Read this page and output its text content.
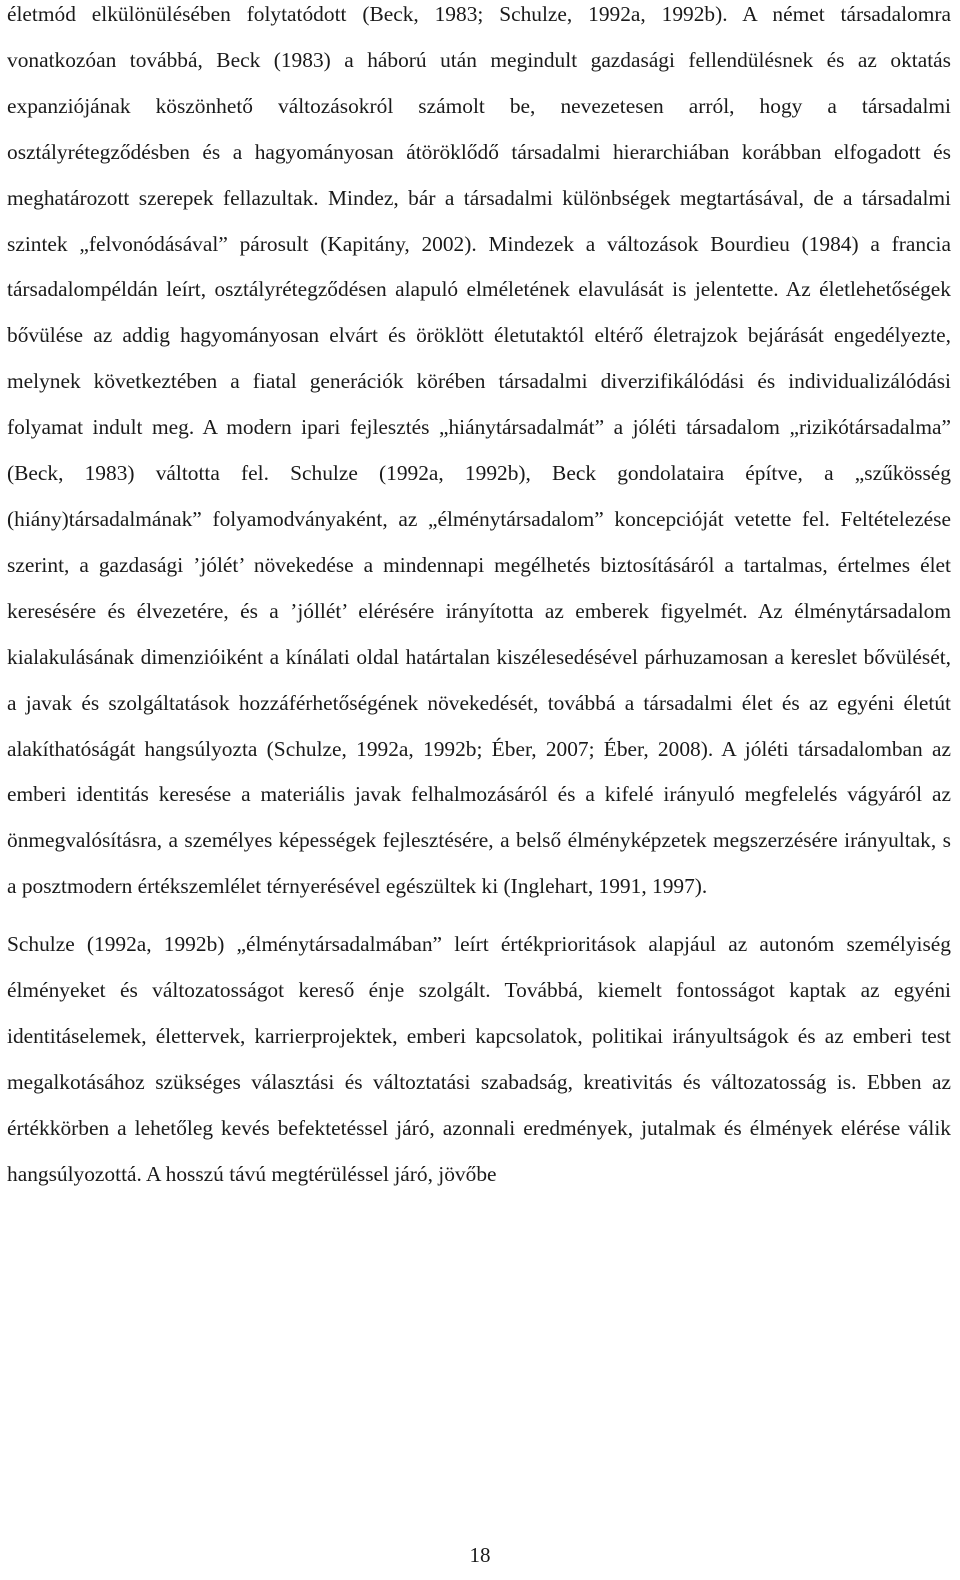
életmód elkülönülésében folytatódott (Beck, 1983; Schulze, 1992a, 1992b). A német társadalomra vonatkozóan továbbá, Beck (1983) a háború után megindult gazdasági fellendülésnek és az oktatás expanziójának köszönhető változásokról számolt be, nevezetesen arról, hogy a társadalmi osztályrétegződésben és a hagyományosan átöröklődő társadalmi hierarchiában korábban elfogadott és meghatározott szerepek fellazultak. Mindez, bár a társadalmi különbségek megtartásával, de a társadalmi szintek „felvonódásával” párosult (Kapitány, 2002). Mindezek a változások Bourdieu (1984) a francia társadalompéldán leírt, osztályrétegződésen alapuló elméletének elavulását is jelentette. Az életlehetőségek bővülése az addig hagyományosan elvárt és öröklött életutaktól eltérő életrajzok bejárását engedélyezte, melynek következtében a fiatal generációk körében társadalmi diverzifikálódási és individualizálódási folyamat indult meg. A modern ipari fejlesztés „hiánytársadalmát” a jóléti társadalom „rizikótársadalma” (Beck, 1983) váltotta fel. Schulze (1992a, 1992b), Beck gondolataira építve, a „szűkösség (hiány)társadalmának” folyamodványaként, az „élménytársadalom” koncepcióját vetette fel. Feltételezése szerint, a gazdasági ’jólét’ növekedése a mindennapi megélhetés biztosításáról a tartalmas, értelmes élet keresésére és élvezetére, és a ’jóllét’ elérésére irányította az emberek figyelmét. Az élménytársadalom kialakulásának dimenzióiként a kínálati oldal határtalan kiszélesedésével párhuzamosan a kereslet bővülését, a javak és szolgáltatások hozzáférhetőségének növekedését, továbbá a társadalmi élet és az egyéni életút alakíthatóságát hangsúlyozta (Schulze, 1992a, 1992b; Éber, 2007; Éber, 2008). A jóléti társadalomban az emberi identitás keresése a materiális javak felhalmozásáról és a kifelé irányuló megfelelés vágyáról az önmegvalósításra, a személyes képességek fejlesztésére, a belső élményképzetek megszerzésére irányultak, s a posztmodern értékszemlélet térnyerésével egészültek ki (Inglehart, 1991, 1997).

Schulze (1992a, 1992b) „élménytársadalmában” leírt értékprioritások alapjául az autonóm személyiség élményeket és változatosságot kereső énje szolgált. Továbbá, kiemelt fontosságot kaptak az egyéni identitáselemek, élettervek, karrierprojektek, emberi kapcsolatok, politikai irányultságok és az emberi test megalkotásához szükséges választási és változtatási szabadság, kreativitás és változatosság is. Ebben az értékkörben a lehetőleg kevés befektetéssel járó, azonnali eredmények, jutalmak és élmények elérése válik hangsúlyozottá. A hosszú távú megtérüléssel járó, jövőbe

18
